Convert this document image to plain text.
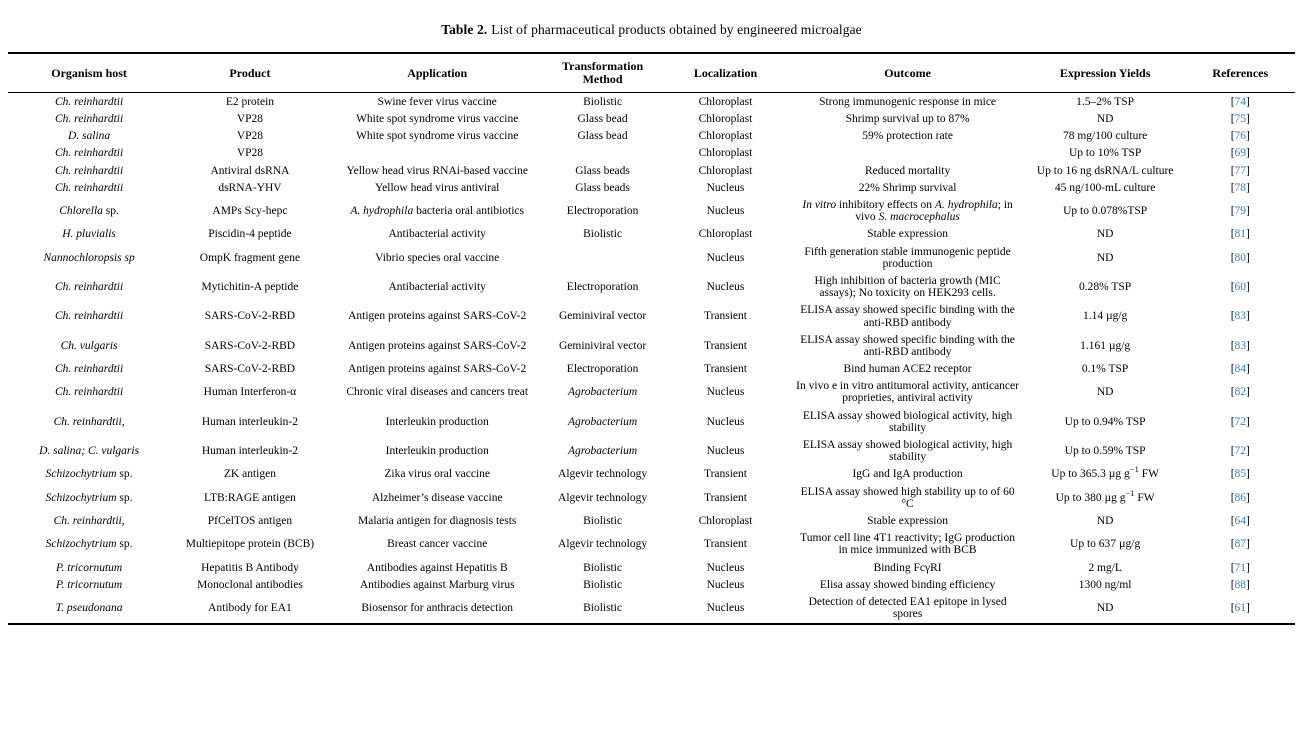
Table 2. List of pharmaceutical products obtained by engineered microalgae
Organism host	Product	Application	Transformation Method	Localization	Outcome	Expression Yields	References
Ch. reinhardtii	E2 protein	Swine fever virus vaccine	Biolistic	Chloroplast	Strong immunogenic response in mice	1.5–2% TSP	[74]
Ch. reinhardtii	VP28	White spot syndrome virus vaccine	Glass bead	Chloroplast	Shrimp survival up to 87%	ND	[75]
D. salina	VP28	White spot syndrome virus vaccine	Glass bead	Chloroplast	59% protection rate	78 mg/100 culture	[76]
Ch. reinhardtii	VP28			Chloroplast		Up to 10% TSP	[69]
Ch. reinhardtii	Antiviral dsRNA	Yellow head virus RNAi-based vaccine	Glass beads	Chloroplast	Reduced mortality	Up to 16 ng dsRNA/L culture	[77]
Ch. reinhardtii	dsRNA-YHV	Yellow head virus antiviral	Glass beads	Nucleus	22% Shrimp survival	45 ng/100-mL culture	[78]
Chlorella sp.	AMPs Scy-hepc	A. hydrophila bacteria oral antibiotics	Electroporation	Nucleus	In vitro inhibitory effects on A. hydrophila; in vivo S. macrocephalus	Up to 0.078%TSP	[79]
H. pluvialis	Piscidin-4 peptide	Antibacterial activity	Biolistic	Chloroplast	Stable expression	ND	[81]
Nannochloropsis sp	OmpK fragment gene	Vibrio species oral vaccine		Nucleus	Fifth generation stable immunogenic peptide production	ND	[80]
Ch. reinhardtii	Mytichitin-A peptide	Antibacterial activity	Electroporation	Nucleus	High inhibition of bacteria growth (MIC assays); No toxicity on HEK293 cells.	0.28% TSP	[60]
Ch. reinhardtii	SARS-CoV-2-RBD	Antigen proteins against SARS-CoV-2	Geminiviral vector	Transient	ELISA assay showed specific binding with the anti-RBD antibody	1.14 µg/g	[83]
Ch. vulgaris	SARS-CoV-2-RBD	Antigen proteins against SARS-CoV-2	Geminiviral vector	Transient	ELISA assay showed specific binding with the anti-RBD antibody	1.161 µg/g	[83]
Ch. reinhardtii	SARS-CoV-2-RBD	Antigen proteins against SARS-CoV-2	Electroporation	Transient	Bind human ACE2 receptor	0.1% TSP	[84]
Ch. reinhardtii	Human Interferon-α	Chronic viral diseases and cancers treat	Agrobacterium	Nucleus	In vivo e in vitro antitumoral activity, anticancer proprieties, antiviral activity	ND	[82]
Ch. reinhardtii,	Human interleukin-2	Interleukin production	Agrobacterium	Nucleus	ELISA assay showed biological activity, high stability	Up to 0.94% TSP	[72]
D. salina; C. vulgaris	Human interleukin-2	Interleukin production	Agrobacterium	Nucleus	ELISA assay showed biological activity, high stability	Up to 0.59% TSP	[72]
Schizochytrium sp.	ZK antigen	Zika virus oral vaccine	Algevir technology	Transient	IgG and IgA production	Up to 365.3 µg $g^{-1}$ FW	[85]
Schizochytrium sp.	LTB:RAGE antigen	Alzheimer’s disease vaccine	Algevir technology	Transient	ELISA assay showed high stability up to of 60 °C	Up to 380 µg $g^{-1}$ FW	[86]
Ch. reinhardtii,	PfCelTOS antigen	Malaria antigen for diagnosis tests	Biolistic	Chloroplast	Stable expression	ND	[64]
Schizochytrium sp.	Multiepitope protein (BCB)	Breast cancer vaccine	Algevir technology	Transient	Tumor cell line 4T1 reactivity; IgG production in mice immunized with BCB	Up to 637 µg/g	[87]
P. tricornutum	Hepatitis B Antibody	Antibodies against Hepatitis B	Biolistic	Nucleus	Binding FcγRI	2 mg/L	[71]
P. tricornutum	Monoclonal antibodies	Antibodies against Marburg virus	Biolistic	Nucleus	Elisa assay showed binding efficiency	1300 ng/ml	[88]
T. pseudonana	Antibody for EA1	Biosensor for anthracis detection	Biolistic	Nucleus	Detection of detected EA1 epitope in lysed spores	ND	[61]
